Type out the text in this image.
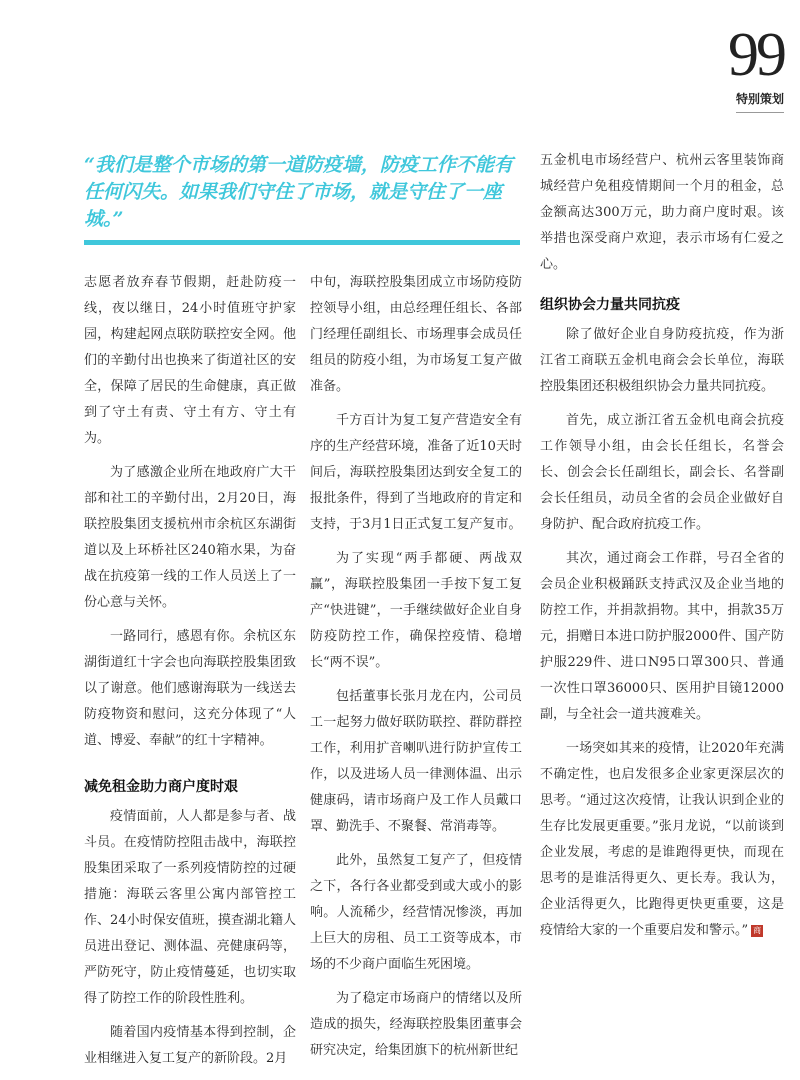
99
特别策划
“我们是整个市场的第一道防疫墙，防疫工作不能有任何闪失。如果我们守住了市场，就是守住了一座城。”

志愿者放弃春节假期，赶赴防疫一线，夜以继日，24小时值班守护家园，构建起网点联防联控安全网。他们的辛勤付出也换来了街道社区的安全，保障了居民的生命健康，真正做到了守土有责、守土有方、守土有为。

为了感激企业所在地政府广大干部和社工的辛勤付出，2月20日，海联控股集团支援杭州市余杭区东湖街道以及上环桥社区240箱水果，为奋战在抗疫第一线的工作人员送上了一份心意与关怀。

一路同行，感恩有你。余杭区东湖街道红十字会也向海联控股集团致以了谢意。他们感谢海联为一线送去防疫物资和慰问，这充分体现了“人道、博爱、奉献”的红十字精神。

减免租金助力商户度时艰

疫情面前，人人都是参与者、战斗员。在疫情防控阻击战中，海联控股集团采取了一系列疫情防控的过硬措施：海联云客里公寓内部管控工作、24小时保安值班，摸查湖北籍人员进出登记、测体温、亮健康码等，严防死守，防止疫情蔓延，也切实取得了防控工作的阶段性胜利。

随着国内疫情基本得到控制，企业相继进入复工复产的新阶段。2月

中旬，海联控股集团成立市场防疫防控领导小组，由总经理任组长、各部门经理任副组长、市场理事会成员任组员的防疫小组，为市场复工复产做准备。

千方百计为复工复产营造安全有序的生产经营环境，准备了近10天时间后，海联控股集团达到安全复工的报批条件，得到了当地政府的肯定和支持，于3月1日正式复工复产复市。

为了实现“两手都硬、两战双赢”，海联控股集团一手按下复工复产“快进键”，一手继续做好企业自身防疫防控工作，确保控疫情、稳增长“两不误”。

包括董事长张月龙在内，公司员工一起努力做好联防联控、群防群控工作，利用扩音喇叭进行防护宣传工作，以及进场人员一律测体温、出示健康码，请市场商户及工作人员戴口罩、勤洗手、不聚餐、常消毒等。

此外，虽然复工复产了，但疫情之下，各行各业都受到或大或小的影响。人流稀少，经营情况惨淡，再加上巨大的房租、员工工资等成本，市场的不少商户面临生死困境。

为了稳定市场商户的情绪以及所造成的损失，经海联控股集团董事会研究决定，给集团旗下的杭州新世纪

五金机电市场经营户、杭州云客里装饰商城经营户免租疫情期间一个月的租金，总金额高达300万元，助力商户度时艰。该举措也深受商户欢迎，表示市场有仁爱之心。

组织协会力量共同抗疫

除了做好企业自身防疫抗疫，作为浙江省工商联五金机电商会会长单位，海联控股集团还积极组织协会力量共同抗疫。

首先，成立浙江省五金机电商会抗疫工作领导小组，由会长任组长，名誉会长、创会会长任副组长，副会长、名誉副会长任组员，动员全省的会员企业做好自身防护、配合政府抗疫工作。

其次，通过商会工作群，号召全省的会员企业积极踊跃支持武汉及企业当地的防控工作，并捐款捐物。其中，捐款35万元，捐赠日本进口防护服2000件、国产防护服229件、进口N95口罩300只、普通一次性口罩36000只、医用护目镜12000副，与全社会一道共渡难关。

一场突如其来的疫情，让2020年充满不确定性，也启发很多企业家更深层次的思考。“通过这次疫情，让我认识到企业的生存比发展更重要。”张月龙说，“以前谈到企业发展，考虑的是谁跑得更快，而现在思考的是谁活得更久、更长寿。我认为，企业活得更久，比跑得更快更重要，这是疫情给大家的一个重要启发和警示。” 商
